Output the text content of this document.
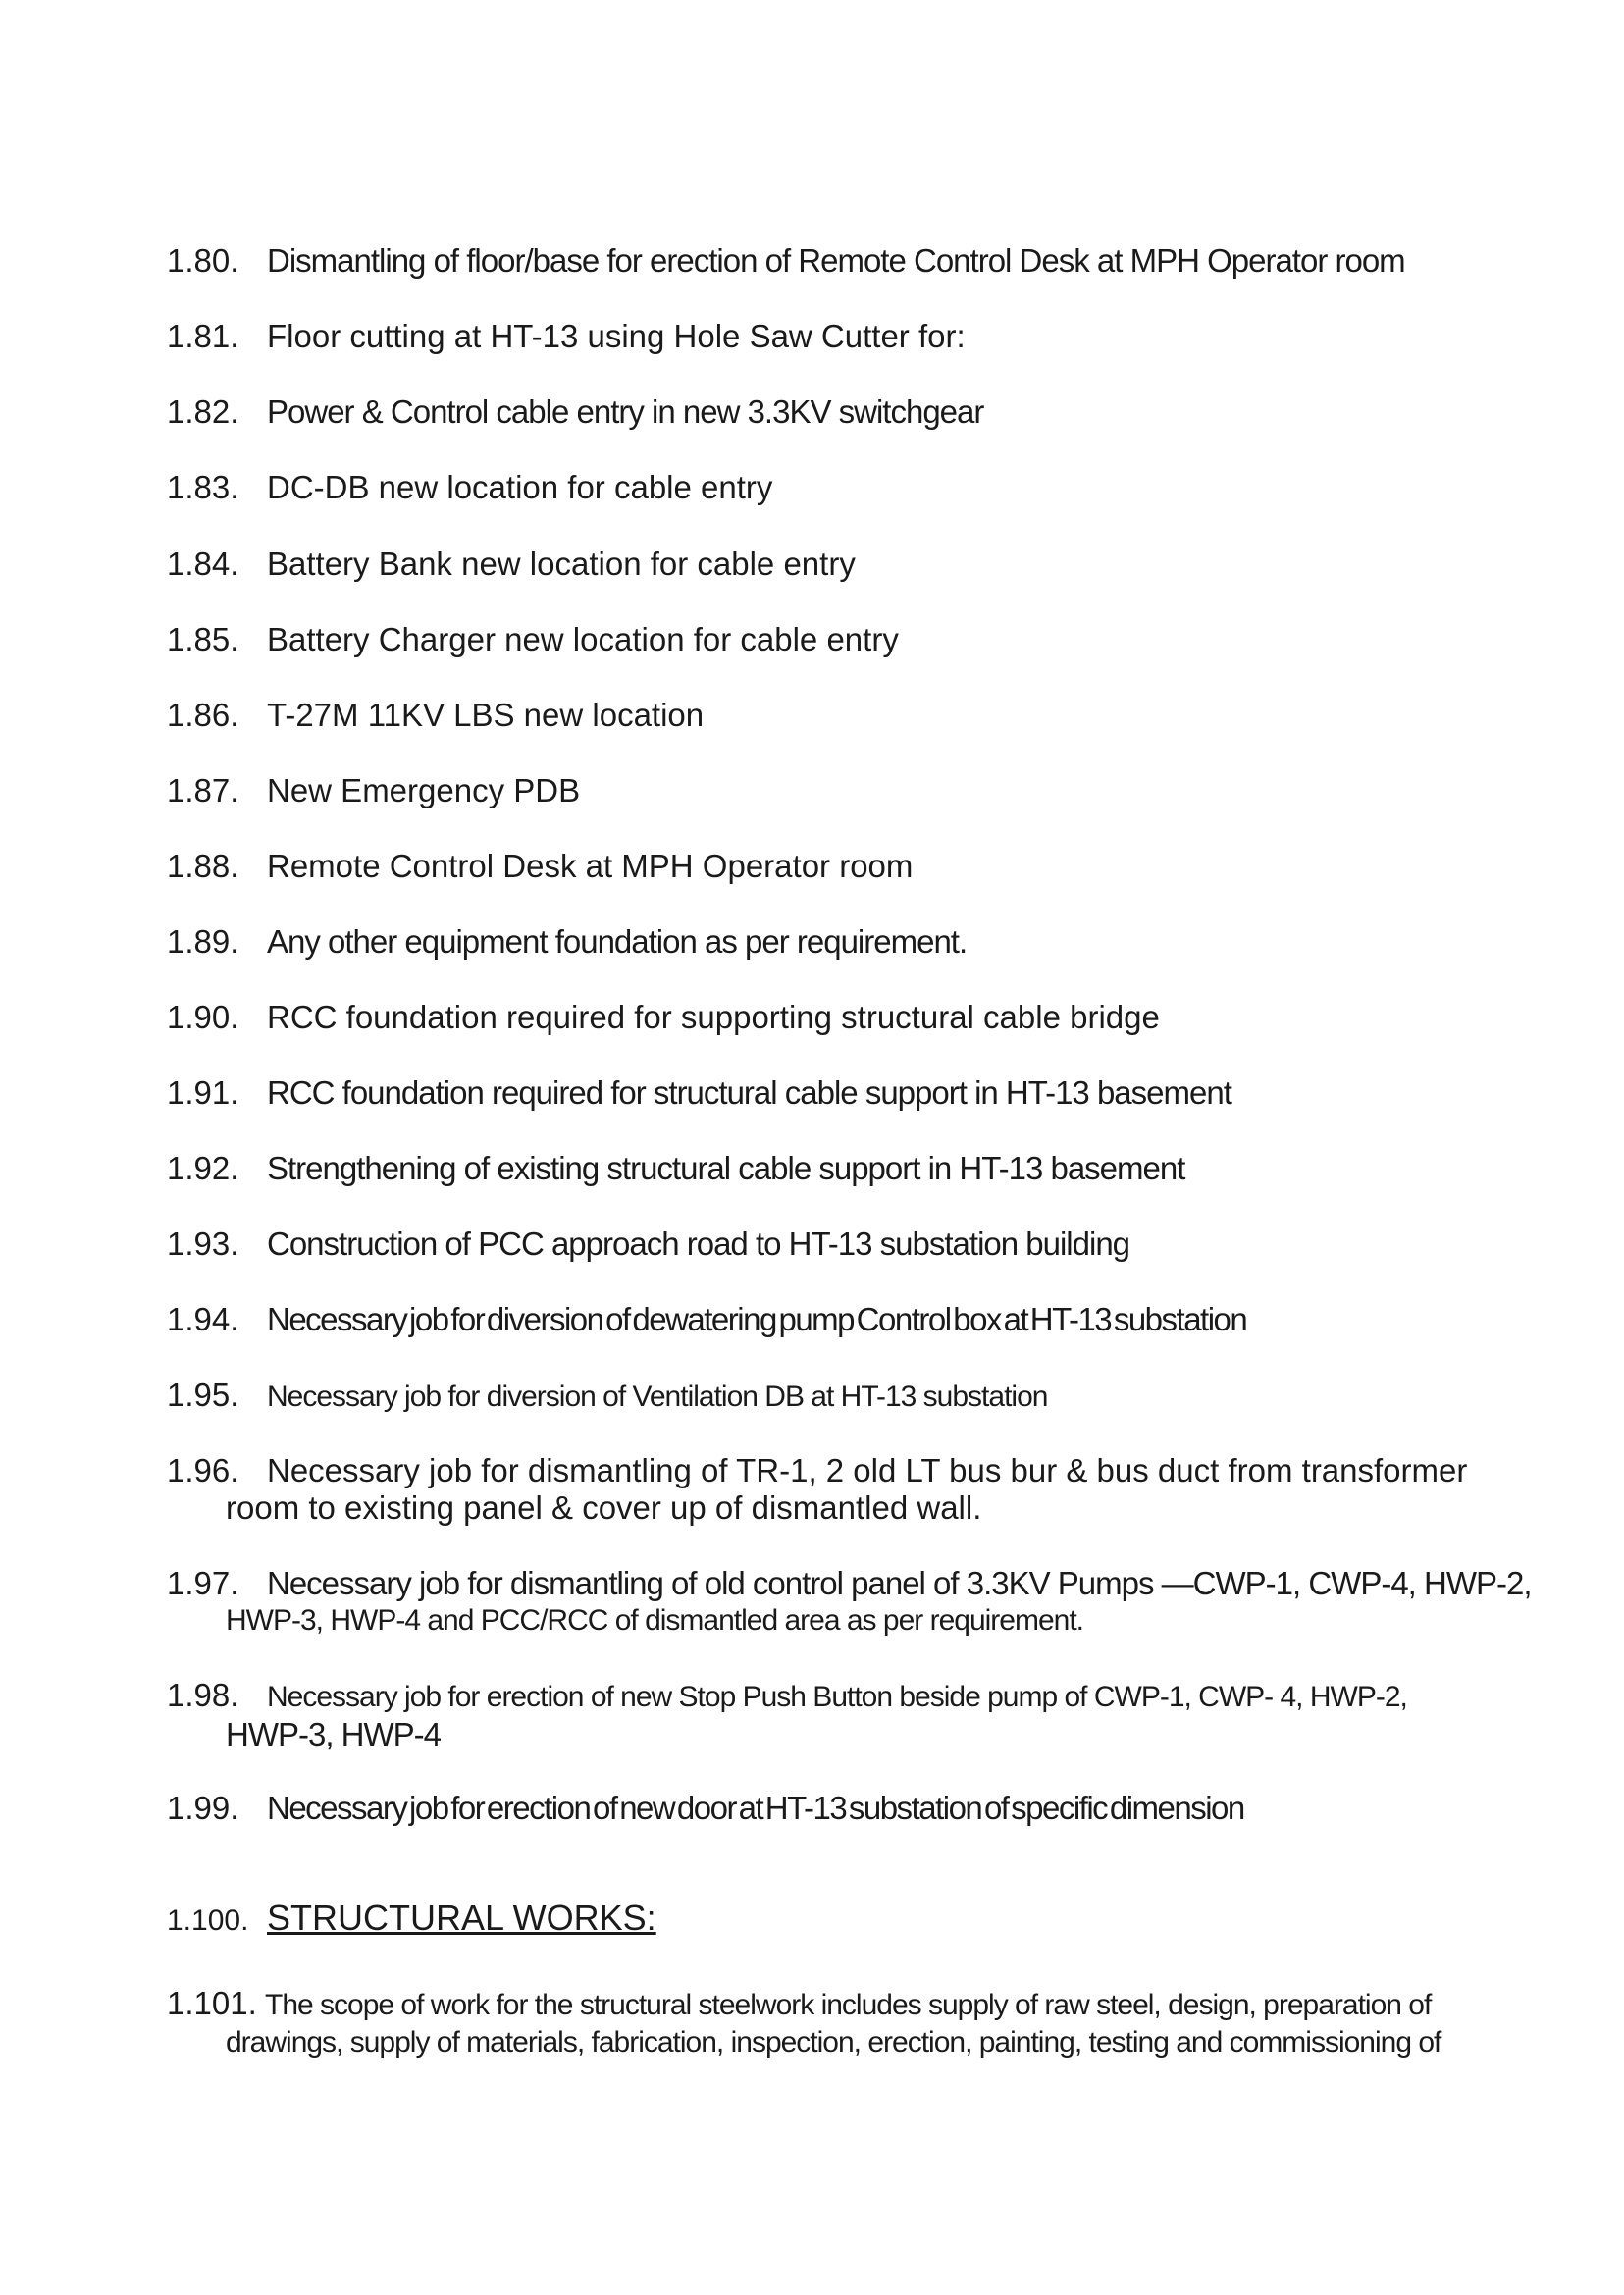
1.80. Dismantling of floor/base for erection of Remote Control Desk at MPH Operator room
1.81. Floor cutting at HT-13 using Hole Saw Cutter for:
1.82. Power & Control cable entry in new 3.3KV switchgear
1.83. DC-DB new location for cable entry
1.84. Battery Bank new location for cable entry
1.85. Battery Charger new location for cable entry
1.86. T-27M 11KV LBS new location
1.87. New Emergency PDB
1.88. Remote Control Desk at MPH Operator room
1.89. Any other equipment foundation as per requirement.
1.90. RCC foundation required for supporting structural cable bridge
1.91. RCC foundation required for structural cable support in HT-13 basement
1.92. Strengthening of existing structural cable support in HT-13 basement
1.93. Construction of PCC approach road to HT-13 substation building
1.94. Necessary job for diversion of dewatering pump Control box at HT-13 substation
1.95. Necessary job for diversion of Ventilation DB at HT-13 substation
1.96. Necessary job for dismantling of TR-1, 2 old LT bus bur & bus duct from transformer
room to existing panel & cover up of dismantled wall.
1.97. Necessary job for dismantling of old control panel of 3.3KV Pumps —CWP-1, CWP-4, HWP-2,
HWP-3, HWP-4 and PCC/RCC of dismantled area as per requirement.
1.98. Necessary job for erection of new Stop Push Button beside pump of CWP-1, CWP- 4, HWP-2,
HWP-3, HWP-4
1.99. Necessary job for erection of new door at HT-13 substation of specific dimension
1.100. STRUCTURAL WORKS:
1.101. The scope of work for the structural steelwork includes supply of raw steel, design, preparation of
drawings, supply of materials, fabrication, inspection, erection, painting, testing and commissioning of
